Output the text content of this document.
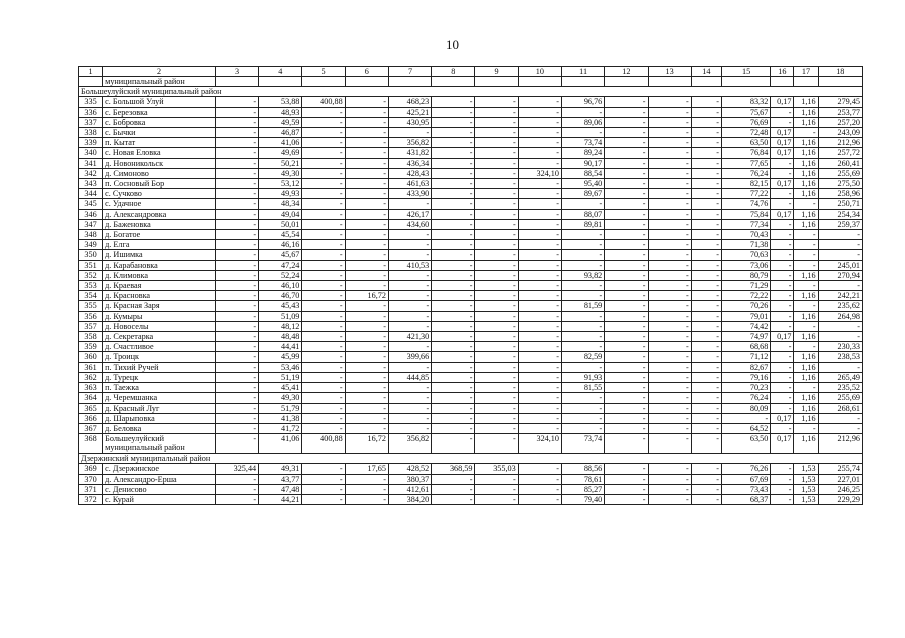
10
1	2	3	4	5	6	7	8	9	10	11	12	13	14	15	16	17	18
	муниципальный район																
Большеулуйский муниципальный район																	
335	с. Большой Улуй	-	53,88	400,88	-	468,23	-	-	-	96,76	-	-	-	83,32	0,17	1,16	279,45
336	с. Березовка	-	48,93	-	-	425,21	-	-	-	-	-	-	-	75,67	-	1,16	253,77
337	с. Бобровка	-	49,59	-	-	430,95	-	-	-	89,06	-	-	-	76,69	-	1,16	257,20
338	с. Бычки	-	46,87	-	-	-	-	-	-	-	-	-	-	72,48	0,17	-	243,09
339	п. Кытат	-	41,06	-	-	356,82	-	-	-	73,74	-	-	-	63,50	0,17	1,16	212,96
340	с. Новая Еловка	-	49,69	-	-	431,82	-	-	-	89,24	-	-	-	76,84	0,17	1,16	257,72
341	д. Новоникольск	-	50,21	-	-	436,34	-	-	-	90,17	-	-	-	77,65	-	1,16	260,41
342	д. Симоново	-	49,30	-	-	428,43	-	-	324,10	88,54	-	-	-	76,24	-	1,16	255,69
343	п. Сосновый Бор	-	53,12	-	-	461,63	-	-	-	95,40	-	-	-	82,15	0,17	1,16	275,50
344	с. Сучково	-	49,93	-	-	433,90	-	-	-	89,67	-	-	-	77,22	-	1,16	258,96
345	с. Удачное	-	48,34	-	-	-	-	-	-	-	-	-	-	74,76	-	-	250,71
346	д. Александровка	-	49,04	-	-	426,17	-	-	-	88,07	-	-	-	75,84	0,17	1,16	254,34
347	д. Баженовка	-	50,01	-	-	434,60	-	-	-	89,81	-	-	-	77,34	-	1,16	259,37
348	д. Богатое	-	45,54	-	-	-	-	-	-	-	-	-	-	70,43	-	-	-
349	д. Елга	-	46,16	-	-	-	-	-	-	-	-	-	-	71,38	-	-	-
350	д. Ишимка	-	45,67	-	-	-	-	-	-	-	-	-	-	70,63	-	-	-
351	д. Карабановка	-	47,24	-	-	410,53	-	-	-	-	-	-	-	73,06	-	-	245,01
352	д. Климовка	-	52,24	-	-	-	-	-	-	93,82	-	-	-	80,79	-	1,16	270,94
353	д. Краевая	-	46,10	-	-	-	-	-	-	-	-	-	-	71,29	-	-	-
354	д. Красновка	-	46,70	-	16,72	-	-	-	-	-	-	-	-	72,22	-	1,16	242,21
355	д. Красная Заря	-	45,43	-	-	-	-	-	-	81,59	-	-	-	70,26	-	-	235,62
356	д. Кумыры	-	51,09	-	-	-	-	-	-	-	-	-	-	79,01	-	1,16	264,98
357	д. Новоселы	-	48,12	-	-	-	-	-	-	-	-	-	-	74,42	-	-	-
358	д. Секретарка	-	48,48	-	-	421,30	-	-	-	-	-	-	-	74,97	0,17	1,16	-
359	д. Счастливое	-	44,41	-	-	-	-	-	-	-	-	-	-	68,68	-	-	230,33
360	д. Троицк	-	45,99	-	-	399,66	-	-	-	82,59	-	-	-	71,12	-	1,16	238,53
361	п. Тихий Ручей	-	53,46	-	-	-	-	-	-	-	-	-	-	82,67	-	1,16	-
362	д. Турецк	-	51,19	-	-	444,85	-	-	-	91,93	-	-	-	79,16	-	1,16	265,49
363	п. Таежка	-	45,41	-	-	-	-	-	-	81,55	-	-	-	70,23	-	-	235,52
364	д. Черемшанка	-	49,30	-	-	-	-	-	-	-	-	-	-	76,24	-	1,16	255,69
365	д. Красный Луг	-	51,79	-	-	-	-	-	-	-	-	-	-	80,09	-	1,16	268,61
366	д. Шарыповка	-	41,38	-	-	-	-	-	-	-	-	-	-	-	0,17	1,16	-
367	д. Беловка	-	41,72	-	-	-	-	-	-	-	-	-	-	64,52	-	-	-
368	Большеулуйский муниципальный район	-	41,06	400,88	16,72	356,82	-	-	324,10	73,74	-	-	-	63,50	0,17	1,16	212,96
Дзержинский муниципальный район																	
369	с. Дзержинское	325,44	49,31	-	17,65	428,52	368,59	355,03	-	88,56	-	-	-	76,26	-	1,53	255,74
370	д. Александро-Ерша	-	43,77	-	-	380,37	-	-	-	78,61	-	-	-	67,69	-	1,53	227,01
371	с. Денисово	-	47,48	-	-	412,61	-	-	-	85,27	-	-	-	73,43	-	1,53	246,25
372	с. Курай	-	44,21	-	-	384,20	-	-	-	79,40	-	-	-	68,37	-	1,53	229,29
